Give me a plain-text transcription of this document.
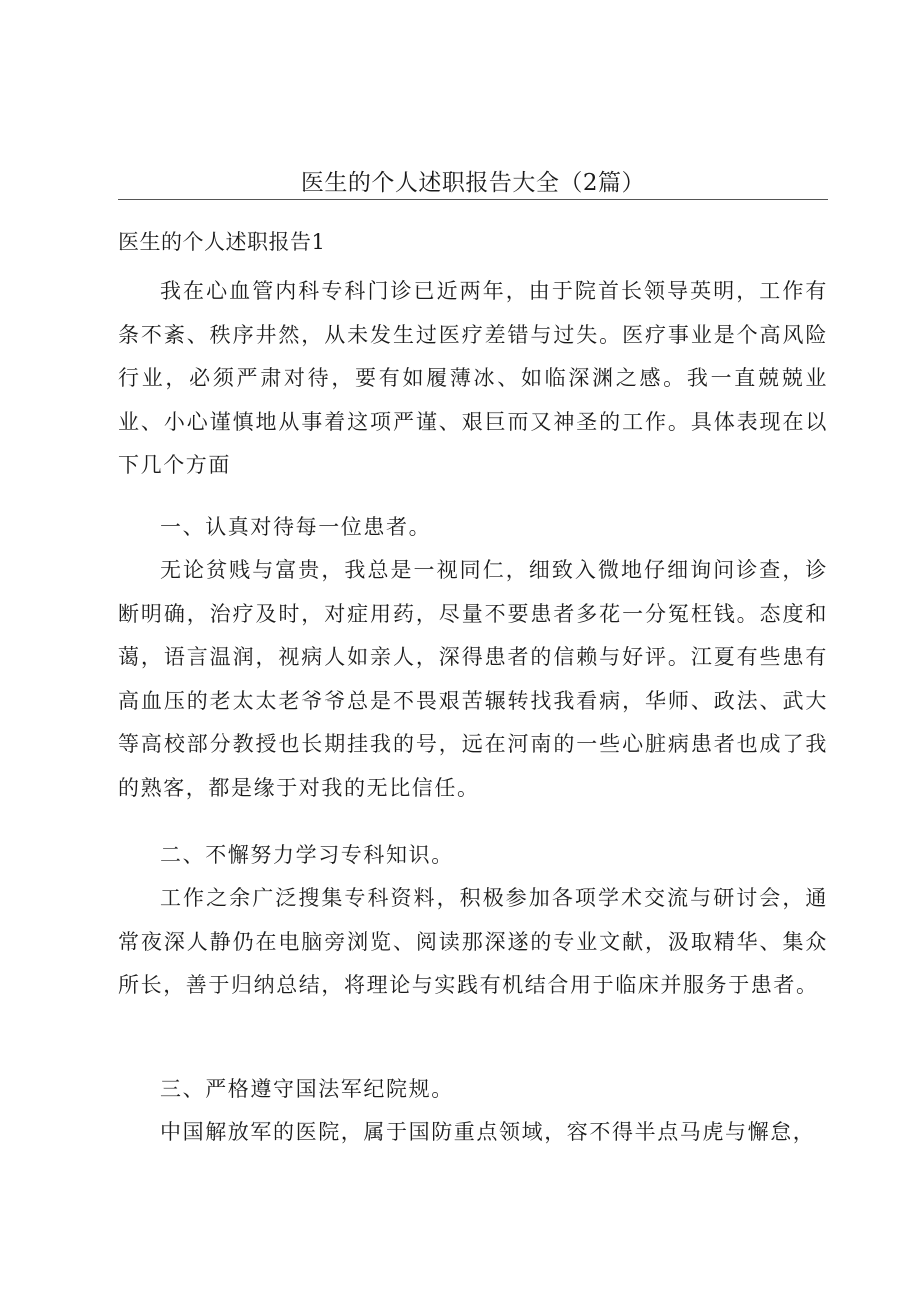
医生的个人述职报告大全（2篇）
医生的个人述职报告1

我在心血管内科专科门诊已近两年，由于院首长领导英明，工作有条不紊、秩序井然，从未发生过医疗差错与过失。医疗事业是个高风险行业，必须严肃对待，要有如履薄冰、如临深渊之感。我一直兢兢业业、小心谨慎地从事着这项严谨、艰巨而又神圣的工作。具体表现在以下几个方面

一、认真对待每一位患者。

无论贫贱与富贵，我总是一视同仁，细致入微地仔细询问诊查，诊断明确，治疗及时，对症用药，尽量不要患者多花一分冤枉钱。态度和蔼，语言温润，视病人如亲人，深得患者的信赖与好评。江夏有些患有高血压的老太太老爷爷总是不畏艰苦辗转找我看病，华师、政法、武大等高校部分教授也长期挂我的号，远在河南的一些心脏病患者也成了我的熟客，都是缘于对我的无比信任。

二、不懈努力学习专科知识。

工作之余广泛搜集专科资料，积极参加各项学术交流与研讨会，通常夜深人静仍在电脑旁浏览、阅读那深遂的专业文献，汲取精华、集众所长，善于归纳总结，将理论与实践有机结合用于临床并服务于患者。

三、严格遵守国法军纪院规。

中国解放军的医院，属于国防重点领域，容不得半点马虎与懈怠，
